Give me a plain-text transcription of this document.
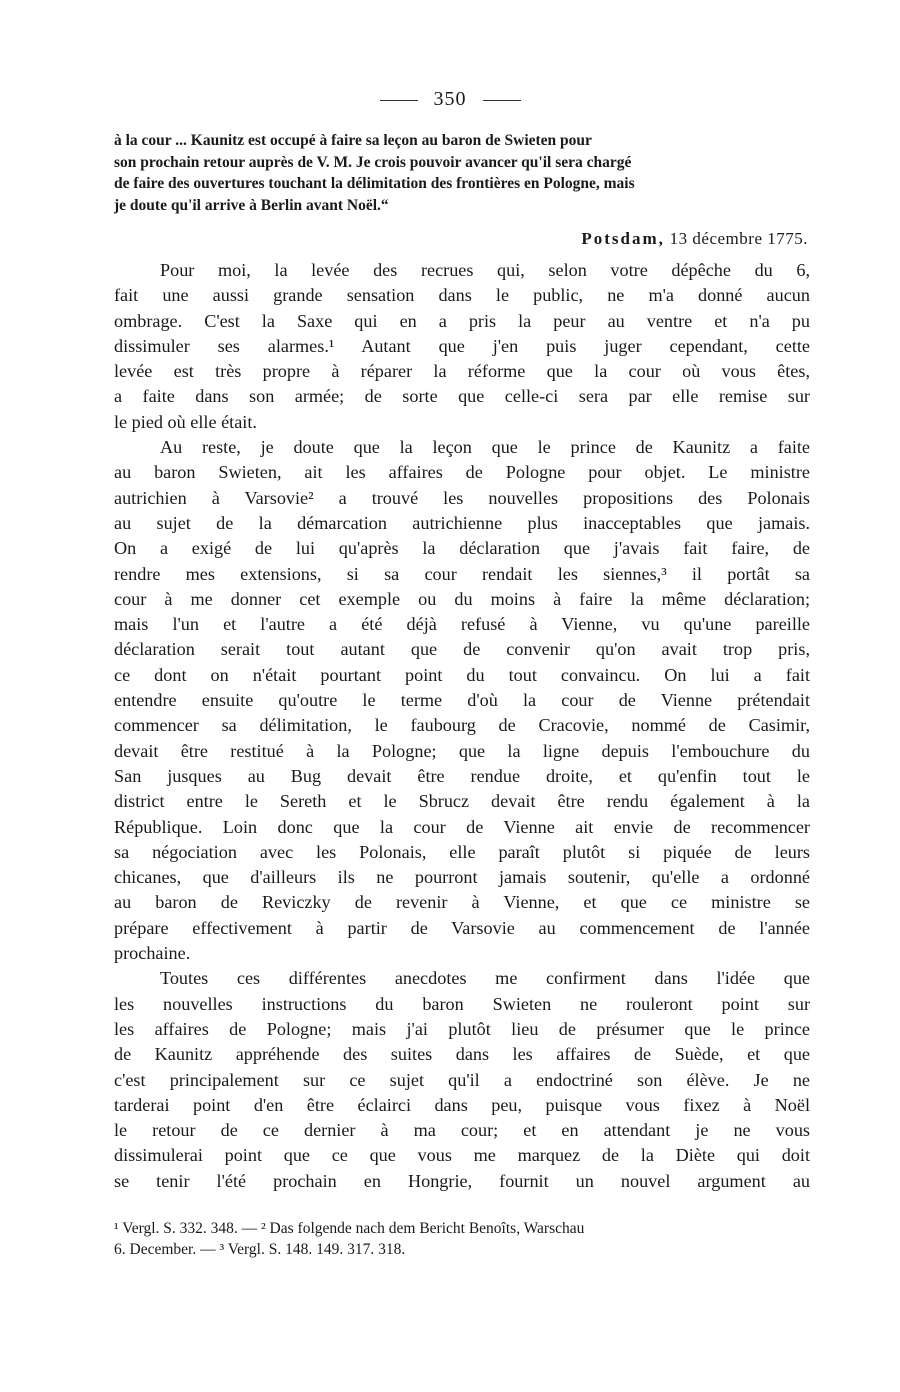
350
à la cour ... Kaunitz est occupé à faire sa leçon au baron de Swieten pour
son prochain retour auprès de V. M. Je crois pouvoir avancer qu'il sera chargé
de faire des ouvertures touchant la délimitation des frontières en Pologne, mais
je doute qu'il arrive à Berlin avant Noël.“
Potsdam, 13 décembre 1775.
Pour moi, la levée des recrues qui, selon votre dépêche du 6,
fait une aussi grande sensation dans le public, ne m'a donné aucun
ombrage. C'est la Saxe qui en a pris la peur au ventre et n'a pu
dissimuler ses alarmes.¹ Autant que j'en puis juger cependant, cette
levée est très propre à réparer la réforme que la cour où vous êtes,
a faite dans son armée; de sorte que celle-ci sera par elle remise sur
le pied où elle était.
Au reste, je doute que la leçon que le prince de Kaunitz a faite
au baron Swieten, ait les affaires de Pologne pour objet. Le ministre
autrichien à Varsovie² a trouvé les nouvelles propositions des Polonais
au sujet de la démarcation autrichienne plus inacceptables que jamais.
On a exigé de lui qu'après la déclaration que j'avais fait faire, de
rendre mes extensions, si sa cour rendait les siennes,³ il portât sa
cour à me donner cet exemple ou du moins à faire la même déclaration;
mais l'un et l'autre a été déjà refusé à Vienne, vu qu'une pareille
déclaration serait tout autant que de convenir qu'on avait trop pris,
ce dont on n'était pourtant point du tout convaincu. On lui a fait
entendre ensuite qu'outre le terme d'où la cour de Vienne prétendait
commencer sa délimitation, le faubourg de Cracovie, nommé de Casimir,
devait être restitué à la Pologne; que la ligne depuis l'embouchure du
San jusques au Bug devait être rendue droite, et qu'enfin tout le
district entre le Sereth et le Sbrucz devait être rendu également à la
République. Loin donc que la cour de Vienne ait envie de recommencer
sa négociation avec les Polonais, elle paraît plutôt si piquée de leurs
chicanes, que d'ailleurs ils ne pourront jamais soutenir, qu'elle a ordonné
au baron de Reviczky de revenir à Vienne, et que ce ministre se
prépare effectivement à partir de Varsovie au commencement de l'année
prochaine.
Toutes ces différentes anecdotes me confirment dans l'idée que
les nouvelles instructions du baron Swieten ne rouleront point sur
les affaires de Pologne; mais j'ai plutôt lieu de présumer que le prince
de Kaunitz appréhende des suites dans les affaires de Suède, et que
c'est principalement sur ce sujet qu'il a endoctriné son élève. Je ne
tarderai point d'en être éclairci dans peu, puisque vous fixez à Noël
le retour de ce dernier à ma cour; et en attendant je ne vous
dissimulerai point que ce que vous me marquez de la Diète qui doit
se tenir l'été prochain en Hongrie, fournit un nouvel argument au
¹ Vergl. S. 332. 348. — ² Das folgende nach dem Bericht Benoîts, Warschau
6. December. — ³ Vergl. S. 148. 149. 317. 318.
